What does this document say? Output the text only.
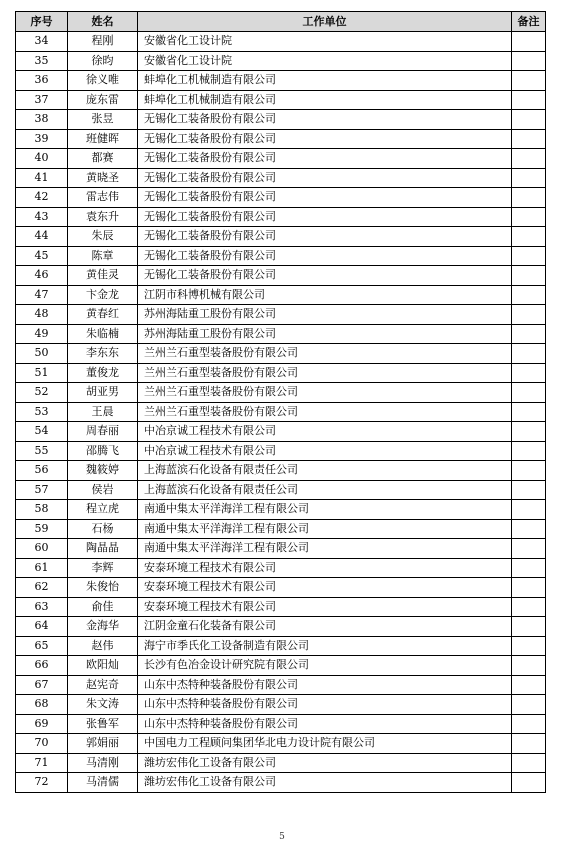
序号	姓名	工作单位	备注
34	程刚	安徽省化工设计院	
35	徐昀	安徽省化工设计院	
36	徐义唯	蚌埠化工机械制造有限公司	
37	庞东雷	蚌埠化工机械制造有限公司	
38	张昱	无锡化工装备股份有限公司	
39	班健晖	无锡化工装备股份有限公司	
40	都赛	无锡化工装备股份有限公司	
41	黄晓圣	无锡化工装备股份有限公司	
42	雷志伟	无锡化工装备股份有限公司	
43	袁东升	无锡化工装备股份有限公司	
44	朱辰	无锡化工装备股份有限公司	
45	陈章	无锡化工装备股份有限公司	
46	黄佳灵	无锡化工装备股份有限公司	
47	卞金龙	江阴市科博机械有限公司	
48	黄春红	苏州海陆重工股份有限公司	
49	朱临楠	苏州海陆重工股份有限公司	
50	李东东	兰州兰石重型装备股份有限公司	
51	董俊龙	兰州兰石重型装备股份有限公司	
52	胡亚男	兰州兰石重型装备股份有限公司	
53	王晨	兰州兰石重型装备股份有限公司	
54	周春丽	中冶京诚工程技术有限公司	
55	邵腾飞	中冶京诚工程技术有限公司	
56	魏筱婷	上海蓝滨石化设备有限责任公司	
57	侯岩	上海蓝滨石化设备有限责任公司	
58	程立虎	南通中集太平洋海洋工程有限公司	
59	石杨	南通中集太平洋海洋工程有限公司	
60	陶晶晶	南通中集太平洋海洋工程有限公司	
61	李辉	安泰环境工程技术有限公司	
62	朱俊怡	安泰环境工程技术有限公司	
63	俞佳	安泰环境工程技术有限公司	
64	金海华	江阴金童石化装备有限公司	
65	赵伟	海宁市季氏化工设备制造有限公司	
66	欧阳灿	长沙有色冶金设计研究院有限公司	
67	赵宪奇	山东中杰特种装备股份有限公司	
68	朱文涛	山东中杰特种装备股份有限公司	
69	张鲁军	山东中杰特种装备股份有限公司	
70	郭娟丽	中国电力工程顾问集团华北电力设计院有限公司	
71	马清刚	潍坊宏伟化工设备有限公司	
72	马清儒	潍坊宏伟化工设备有限公司	
5
